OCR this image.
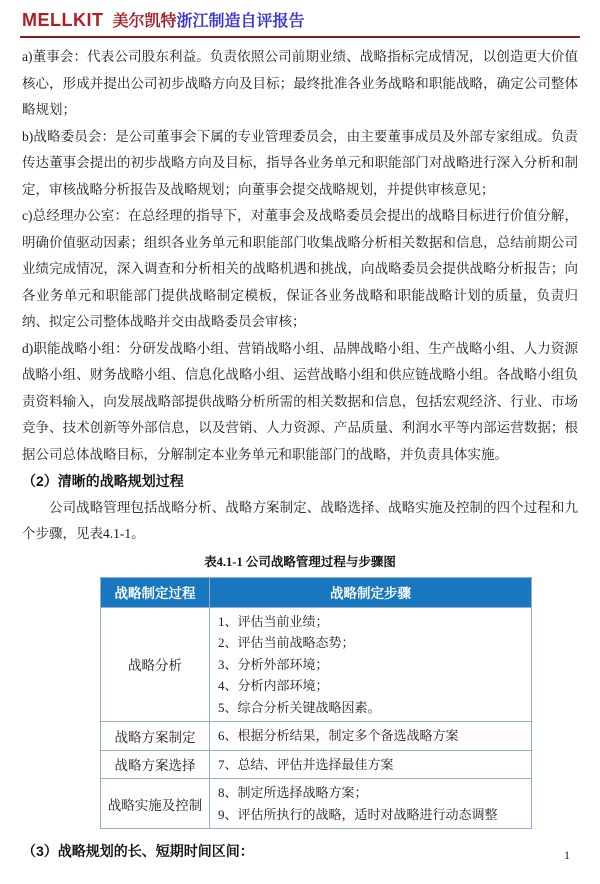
MELLKIT 美尔凯特浙江制造自评报告

a)董事会：代表公司股东利益。负责依照公司前期业绩、战略指标完成情况，以创造更大价值核心，形成并提出公司初步战略方向及目标；最终批准各业务战略和职能战略，确定公司整体略规划；

b)战略委员会：是公司董事会下属的专业管理委员会，由主要董事成员及外部专家组成。负责传达董事会提出的初步战略方向及目标，指导各业务单元和职能部门对战略进行深入分析和制定，审核战略分析报告及战略规划；向董事会提交战略规划，并提供审核意见；

c)总经理办公室：在总经理的指导下，对董事会及战略委员会提出的战略目标进行价值分解，明确价值驱动因素；组织各业务单元和职能部门收集战略分析相关数据和信息，总结前期公司业绩完成情况，深入调查和分析相关的战略机遇和挑战，向战略委员会提供战略分析报告；向各业务单元和职能部门提供战略制定模板，保证各业务战略和职能战略计划的质量，负责归纳、拟定公司整体战略并交由战略委员会审核；

d)职能战略小组：分研发战略小组、营销战略小组、品牌战略小组、生产战略小组、人力资源战略小组、财务战略小组、信息化战略小组、运营战略小组和供应链战略小组。各战略小组负责资料输入，向发展战略部提供战略分析所需的相关数据和信息，包括宏观经济、行业、市场竞争、技术创新等外部信息，以及营销、人力资源、产品质量、利润水平等内部运营数据；根据公司总体战略目标，分解制定本业务单元和职能部门的战略，并负责具体实施。

（2）清晰的战略规划过程

公司战略管理包括战略分析、战略方案制定、战略选择、战略实施及控制的四个过程和九个步骤，见表4.1-1。

表4.1-1 公司战略管理过程与步骤图
战略制定过程	战略制定步骤
战略分析	1、评估当前业绩；
2、评估当前战略态势；
3、分析外部环境；
4、分析内部环境；
5、综合分析关键战略因素。

战略方案制定	6、根据分析结果，制定多个备选战略方案

战略方案选择	7、总结、评估并选择最佳方案

战略实施及控制	8、制定所选择战略方案；
9、评估所执行的战略，适时对战略进行动态调整
（3）战略规划的长、短期时间区间：	1
